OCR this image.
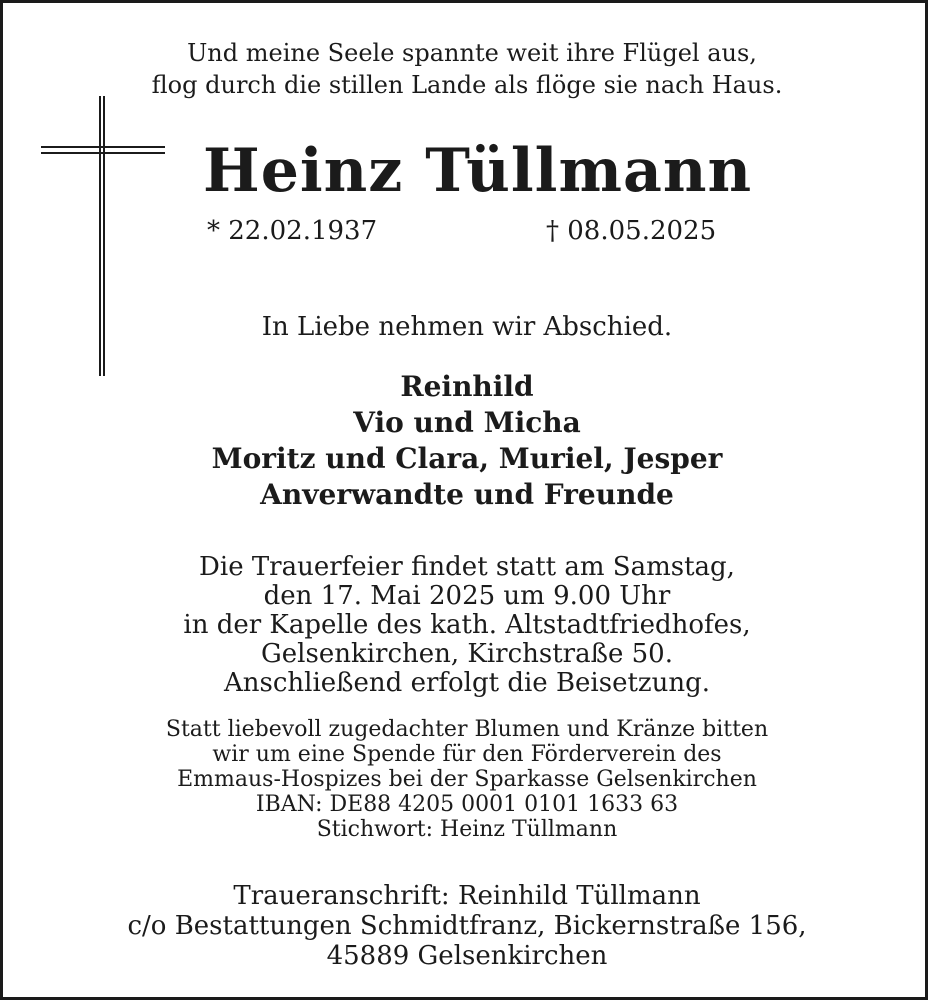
Und meine Seele spannte weit ihre Flügel aus,
flog durch die stillen Lande als flöge sie nach Haus.
Heinz Tüllmann
* 22.02.1937	† 08.05.2025
In Liebe nehmen wir Abschied.
Reinhild
Vio und Micha
Moritz und Clara, Muriel, Jesper
Anverwandte und Freunde
Die Trauerfeier findet statt am Samstag,
den 17. Mai 2025 um 9.00 Uhr
in der Kapelle des kath. Altstadtfriedhofes,
Gelsenkirchen, Kirchstraße 50.
Anschließend erfolgt die Beisetzung.
Statt liebevoll zugedachter Blumen und Kränze bitten
wir um eine Spende für den Förderverein des
Emmaus-Hospizes bei der Sparkasse Gelsenkirchen
IBAN: DE88 4205 0001 0101 1633 63
Stichwort: Heinz Tüllmann
Traueranschrift: Reinhild Tüllmann
c/o Bestattungen Schmidtfranz, Bickernstraße 156,
45889 Gelsenkirchen
